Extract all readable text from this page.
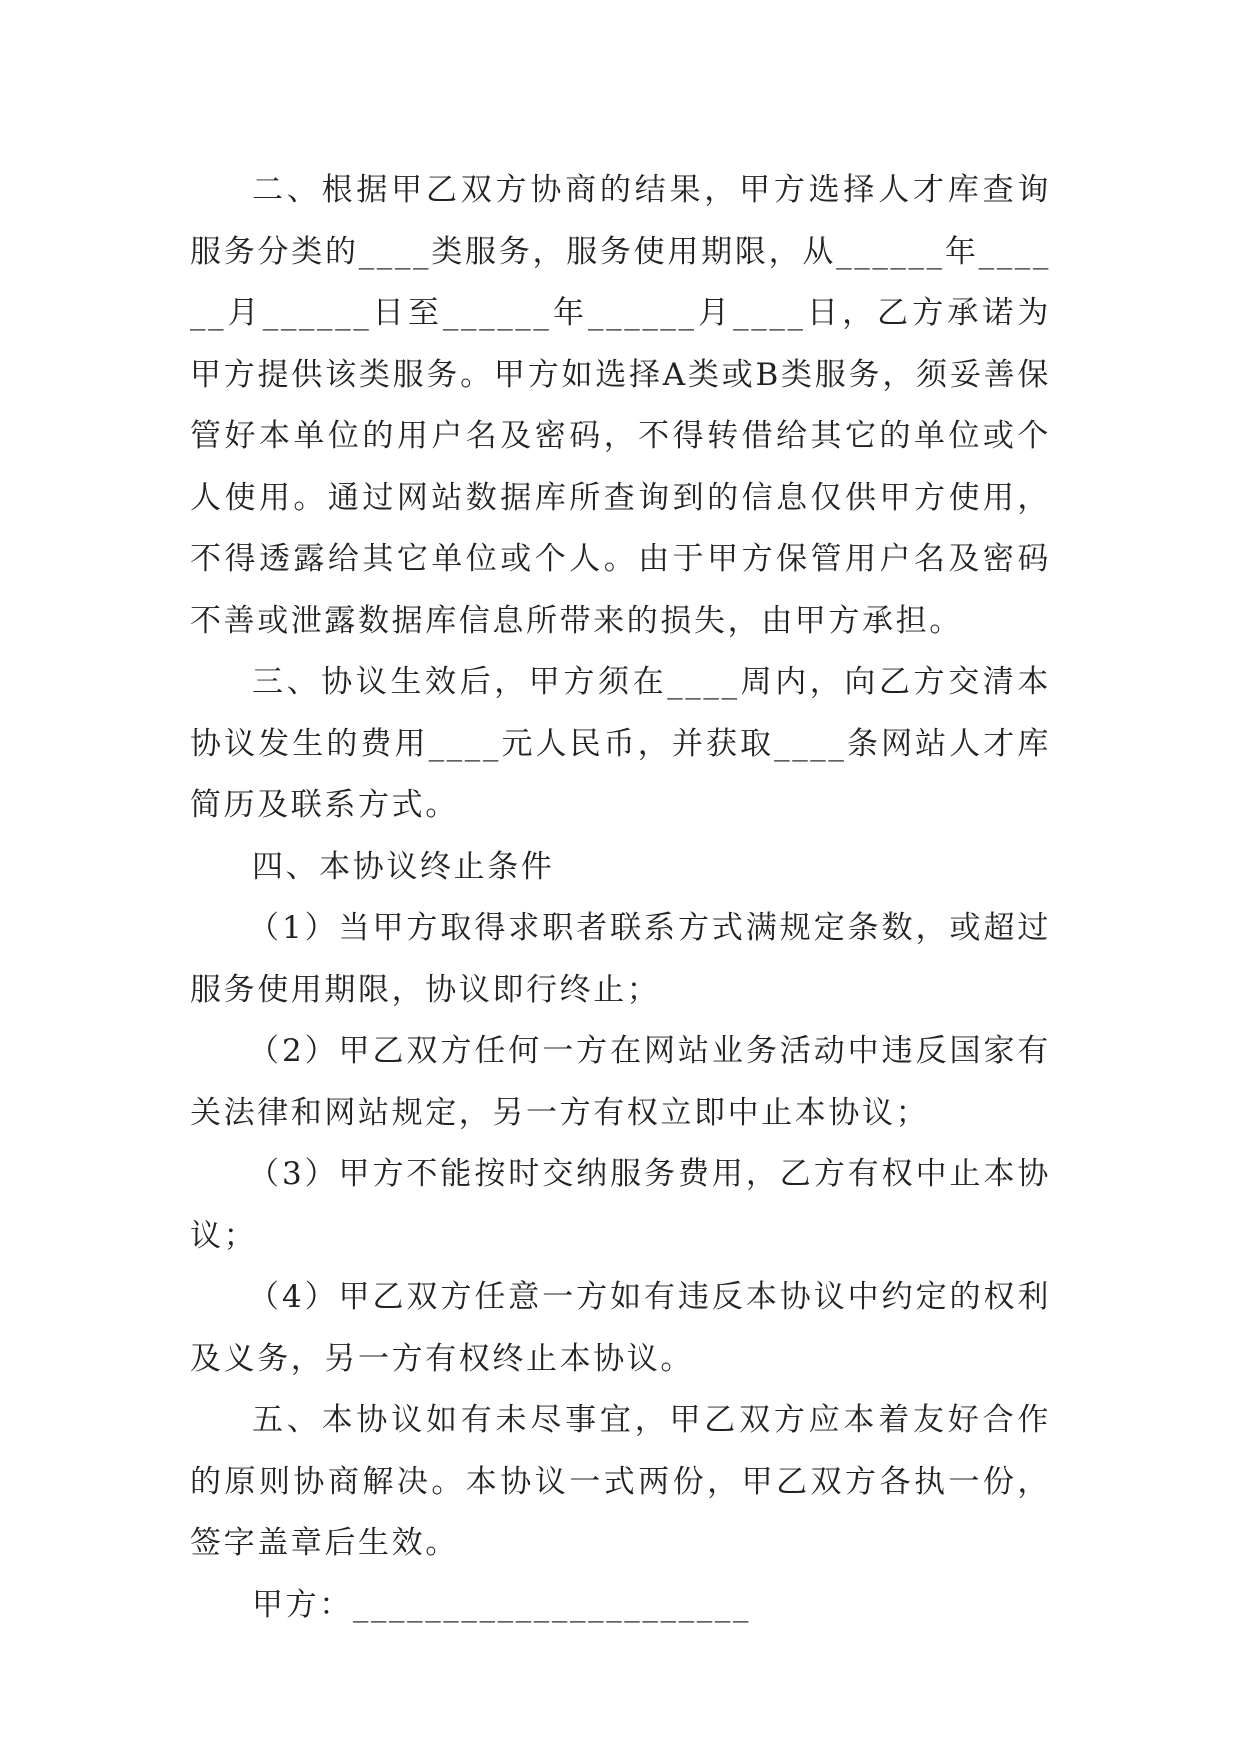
二、根据甲乙双方协商的结果，甲方选择人才库查询服务分类的____类服务，服务使用期限，从______年______月______日至______年______月____日，乙方承诺为甲方提供该类服务。甲方如选择A类或B类服务，须妥善保管好本单位的用户名及密码，不得转借给其它的单位或个人使用。通过网站数据库所查询到的信息仅供甲方使用，不得透露给其它单位或个人。由于甲方保管用户名及密码不善或泄露数据库信息所带来的损失，由甲方承担。

三、协议生效后，甲方须在____周内，向乙方交清本协议发生的费用____元人民币，并获取____条网站人才库简历及联系方式。

四、本协议终止条件

（1）当甲方取得求职者联系方式满规定条数，或超过服务使用期限，协议即行终止；

（2）甲乙双方任何一方在网站业务活动中违反国家有关法律和网站规定，另一方有权立即中止本协议；

（3）甲方不能按时交纳服务费用，乙方有权中止本协议；

（4）甲乙双方任意一方如有违反本协议中约定的权利及义务，另一方有权终止本协议。

五、本协议如有未尽事宜，甲乙双方应本着友好合作的原则协商解决。本协议一式两份，甲乙双方各执一份，签字盖章后生效。

甲方：______________________
